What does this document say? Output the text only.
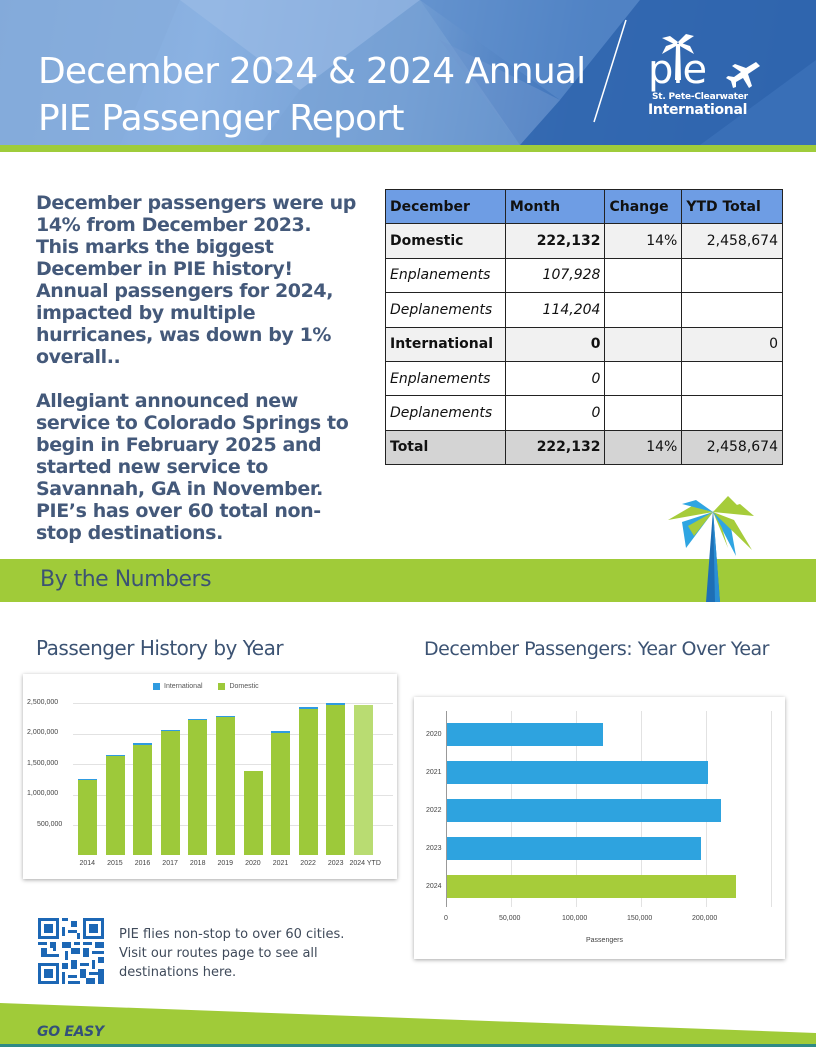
December 2024 & 2024 Annual
PIE Passenger Report
pie
St. Pete-Clearwater
International

December passengers were up 14% from December 2023. This marks the biggest December in PIE history! Annual passengers for 2024, impacted by multiple hurricanes, was down by 1% overall..

Allegiant announced new service to Colorado Springs to begin in February 2025 and started new service to Savannah, GA in November. PIE’s has over 60 total non-stop destinations.

December	Month	Change	YTD Total
Domestic	222,132	14%	2,458,674
Enplanements	107,928		
Deplanements	114,204		
International	0		0
Enplanements	0		
Deplanements	0		
Total	222,132	14%	2,458,674
By the Numbers
Passenger History by Year
International	Domestic
2,500,000
2,000,000
1,500,000
1,000,000
500,000
2014 2015 2016 2017 2018 2019 2020 2021 2022 2023 2024 YTD
December Passengers: Year Over Year
0	50,000	100,000	150,000	200,000
2020
2021
2022
2023
2024
Passengers
PIE flies non-stop to over 60 cities. Visit our routes page to see all destinations here.
GO EASY
